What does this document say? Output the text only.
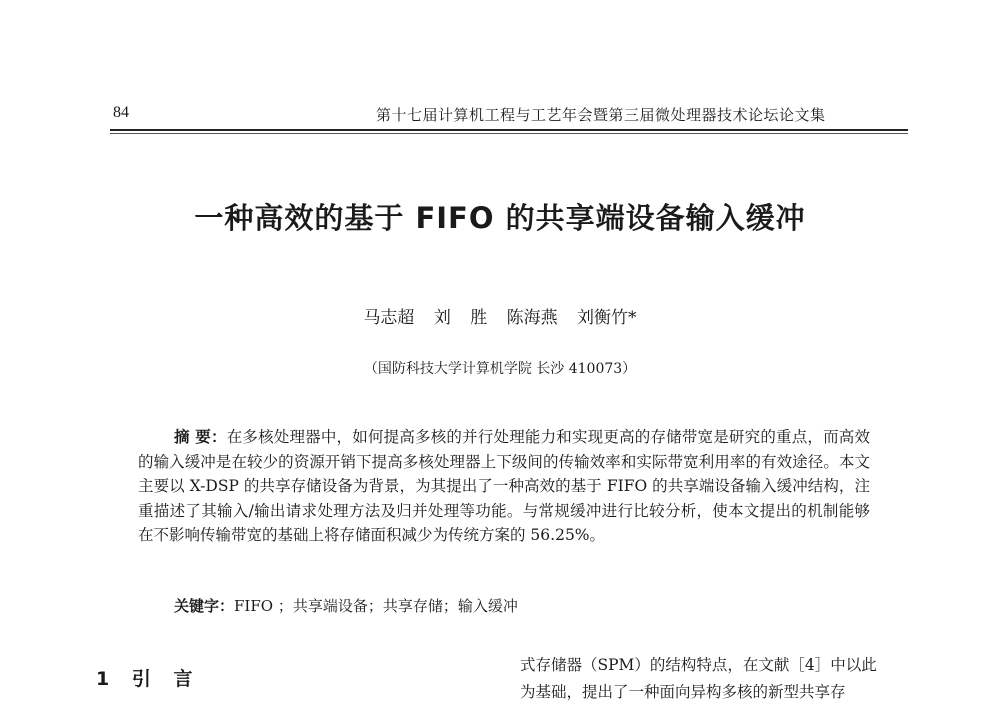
84	第十七届计算机工程与工艺年会暨第三届微处理器技术论坛论文集
一种高效的基于 FIFO 的共享端设备输入缓冲
马志超 刘 胜 陈海燕 刘衡竹*
（国防科技大学计算机学院 长沙 410073）

摘 要：在多核处理器中，如何提高多核的并行处理能力和实现更高的存储带宽是研究的重点，而高效的输入缓冲是在较少的资源开销下提高多核处理器上下级间的传输效率和实际带宽利用率的有效途径。本文主要以 X-DSP 的共享存储设备为背景，为其提出了一种高效的基于 FIFO 的共享端设备输入缓冲结构，注重描述了其输入/输出请求处理方法及归并处理等功能。与常规缓冲进行比较分析，使本文提出的机制能够在不影响传输带宽的基础上将存储面积减少为传统方案的 56.25%。

关键字：FIFO ；共享端设备；共享存储；输入缓冲
1 引 言
式存储器（SPM）的结构特点，在文献［4］中以此
为基础，提出了一种面向异构多核的新型共享存
